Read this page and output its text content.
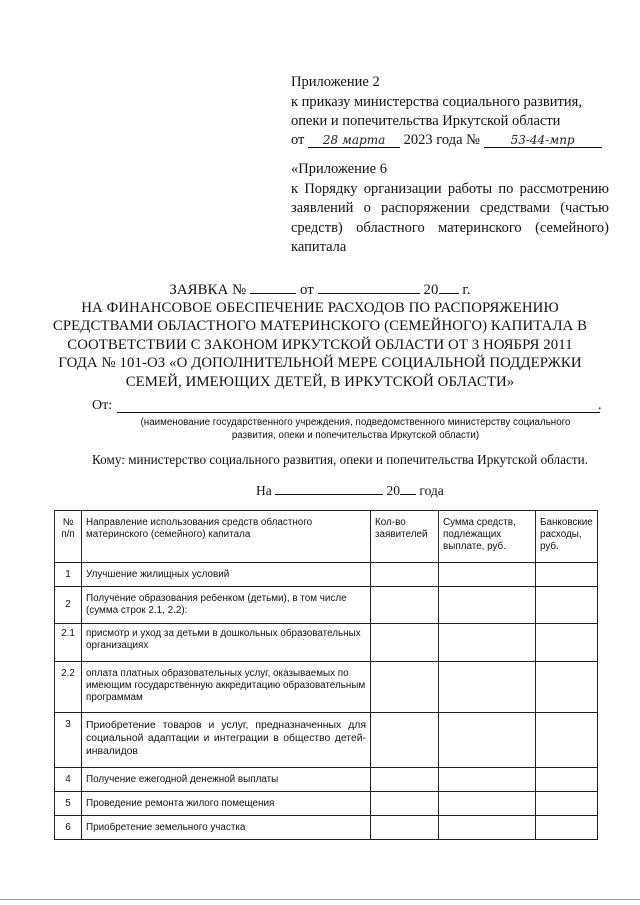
Приложение 2
к приказу министерства социального развития,
опеки и попечительства Иркутской области
от 28 марта 2023 года №	53-44-мпр
«Приложение 6
к Порядку организации работы по рассмотрению заявлений о распоряжении средствами (частью средств) областного материнского (семейного) капитала
ЗАЯВКА №	от	20 г.
НА ФИНАНСОВОЕ ОБЕСПЕЧЕНИЕ РАСХОДОВ ПО РАСПОРЯЖЕНИЮ
СРЕДСТВАМИ ОБЛАСТНОГО МАТЕРИНСКОГО (СЕМЕЙНОГО) КАПИТАЛА В
СООТВЕТСТВИИ С ЗАКОНОМ ИРКУТСКОЙ ОБЛАСТИ ОТ 3 НОЯБРЯ 2011
ГОДА № 101-ОЗ «О ДОПОЛНИТЕЛЬНОЙ МЕРЕ СОЦИАЛЬНОЙ ПОДДЕРЖКИ
СЕМЕЙ, ИМЕЮЩИХ ДЕТЕЙ, В ИРКУТСКОЙ ОБЛАСТИ»
От:	.
(наименование государственного учреждения, подведомственного министерству социального развития, опеки и попечительства Иркутской области)
Кому: министерство социального развития, опеки и попечительства Иркутской области.
На	20 года
№ п/п	Направление использования средств областного материнского (семейного) капитала	Кол-во заявителей	Сумма средств, подлежащих выплате, руб.	Банковские расходы, руб.
1	Улучшение жилищных условий			
2	Получение образования ребенком (детьми), в том числе (сумма строк 2.1, 2.2):			
2.1	присмотр и уход за детьми в дошкольных образовательных организациях			
2.2	оплата платных образовательных услуг, оказываемых по имеющим государственную аккредитацию образовательным программам			
3	Приобретение товаров и услуг, предназначенных для социальной адаптации и интеграции в общество детей-инвалидов			
4	Получение ежегодной денежной выплаты			
5	Проведение ремонта жилого помещения			
6	Приобретение земельного участка			
